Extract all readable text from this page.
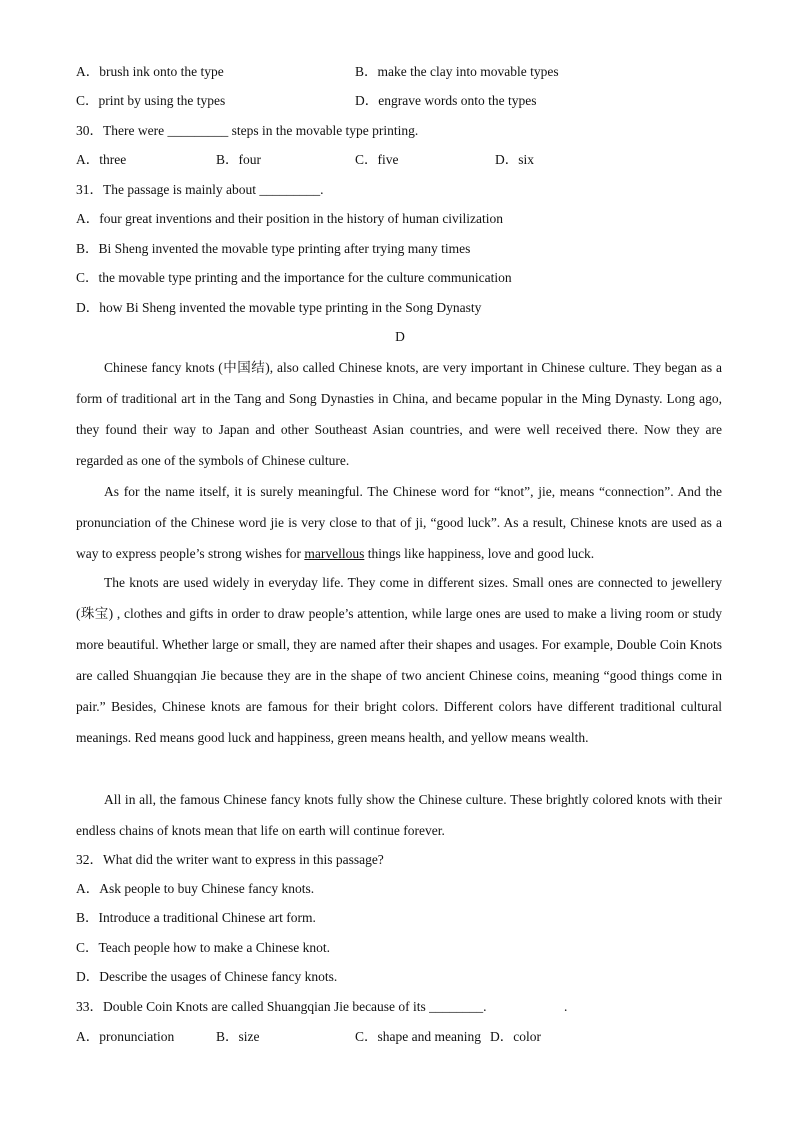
A．brush ink onto the type	B．make the clay into movable types
C．print by using the types	D．engrave words onto the types
30．There were _________ steps in the movable type printing.
A．three	B．four	C．five	D．six
31．The passage is mainly about _________.
A．four great inventions and their position in the history of human civilization
B．Bi Sheng invented the movable type printing after trying many times
C．the movable type printing and the importance for the culture communication
D．how Bi Sheng invented the movable type printing in the Song Dynasty
D

Chinese fancy knots (中国结), also called Chinese knots, are very important in Chinese culture. They began as a form of traditional art in the Tang and Song Dynasties in China, and became popular in the Ming Dynasty. Long ago, they found their way to Japan and other Southeast Asian countries, and were well received there. Now they are regarded as one of the symbols of Chinese culture.

As for the name itself, it is surely meaningful. The Chinese word for “knot”, jie, means “connection”. And the pronunciation of the Chinese word jie is very close to that of ji, “good luck”. As a result, Chinese knots are used as a way to express people’s strong wishes for marvellous things like happiness, love and good luck.

The knots are used widely in everyday life. They come in different sizes. Small ones are connected to jewellery (珠宝) , clothes and gifts in order to draw people’s attention, while large ones are used to make a living room or study more beautiful. Whether large or small, they are named after their shapes and usages. For example, Double Coin Knots are called Shuangqian Jie because they are in the shape of two ancient Chinese coins, meaning “good things come in pair.” Besides, Chinese knots are famous for their bright colors. Different colors have different traditional cultural meanings. Red means good luck and happiness, green means health, and yellow means wealth.

All in all, the famous Chinese fancy knots fully show the Chinese culture. These brightly colored knots with their endless chains of knots mean that life on earth will continue forever.

32．What did the writer want to express in this passage?
A．Ask people to buy Chinese fancy knots.
B．Introduce a traditional Chinese art form.
C．Teach people how to make a Chinese knot.
D．Describe the usages of Chinese fancy knots.
33．Double Coin Knots are called Shuangqian Jie because of its ________.	.
A．pronunciation	B．size	C．shape and meaning D．color
